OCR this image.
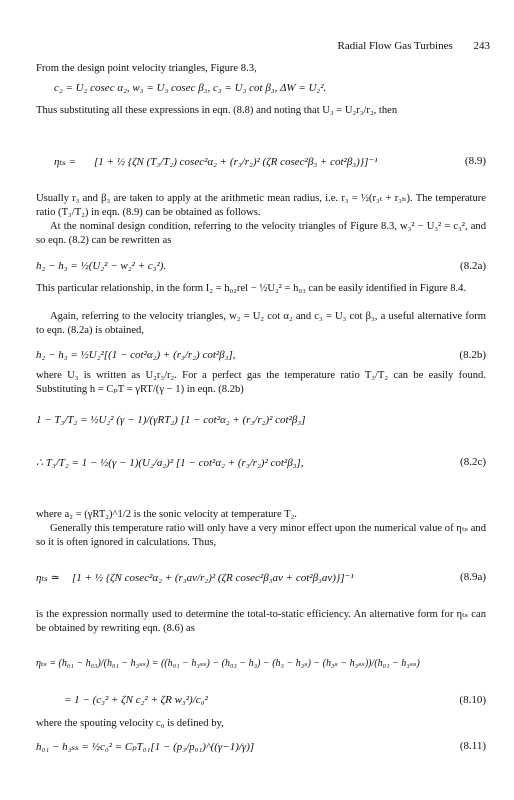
Radial Flow Gas Turbines 243
From the design point velocity triangles, Figure 8.3,
c₂ = U₂ cosec α₂, w₃ = U₃ cosec β₃, c₃ = U₃ cot β₃, ΔW = U₂².
Thus substituting all these expressions in eqn. (8.8) and noting that U₃ = U₂r₃/r₂, then
ηₜₛ = [1 + ½ {ζN (T₃/T₂) cosec²α₂ + (r₃/r₂)² (ζR cosec²β₃ + cot²β₃)}]⁻¹	(8.9)
Usually r₃ and β₃ are taken to apply at the arithmetic mean radius, i.e. r₃ = ½(r₃ₜ + r₃ₕ). The temperature ratio (T₃/T₂) in eqn. (8.9) can be obtained as follows.
At the nominal design condition, referring to the velocity triangles of Figure 8.3, w₃² − U₃² = c₃², and so eqn. (8.2) can be rewritten as
h₂ − h₃ = ½(U₂² − w₂² + c₃²).	(8.2a)
This particular relationship, in the form I₂ = h₀₂rel − ½U₂² = h₀₃ can be easily identified in Figure 8.4.
Again, referring to the velocity triangles, w₂ = U₂ cot α₂ and c₃ = U₃ cot β₃, a useful alternative form to eqn. (8.2a) is obtained,
h₂ − h₃ = ½U₂²[(1 − cot²α₂) + (r₃/r₂) cot²β₃],	(8.2b)
where U₃ is written as U₂r₃/r₂. For a perfect gas the temperature ratio T₃/T₂ can be easily found. Substituting h = CₚT = γRT/(γ − 1) in eqn. (8.2b)
1 − T₃/T₂ = ½U₂² (γ − 1)/(γRT₂) [1 − cot²α₂ + (r₃/r₂)² cot²β₃]
∴ T₃/T₂ = 1 − ½(γ − 1)(U₂/a₂)² [1 − cot²α₂ + (r₃/r₂)² cot²β₃],	(8.2c)
where a₂ = (γRT₂)^1/2 is the sonic velocity at temperature T₂.
Generally this temperature ratio will only have a very minor effect upon the numerical value of ηₜₛ and so it is often ignored in calculations. Thus,
ηₜₛ ≃ [1 + ½ {ζN cosec²α₂ + (r₃av/r₂)² (ζR cosec²β₃av + cot²β₃av)}]⁻¹	(8.9a)
is the expression normally used to determine the total-to-static efficiency. An alternative form for ηₜₛ can be obtained by rewriting eqn. (8.6) as
ηₜₛ = (h₀₁ − h₀₃)/(h₀₁ − h₃ₛₛ) = ((h₀₁ − h₃ₛₛ) − (h₀₃ − h₃) − (h₃ − h₃ₛ) − (h₃ₛ − h₃ₛₛ))/(h₀₁ − h₃ₛₛ)
= 1 − (c₃² + ζN c₂² + ζR w₃²)/c₀²	(8.10)
where the spouting velocity c₀ is defined by,
h₀₁ − h₃ₛₛ = ½c₀² = CₚT₀₁[1 − (p₃/p₀₁)^((γ−1)/γ)]	(8.11)
